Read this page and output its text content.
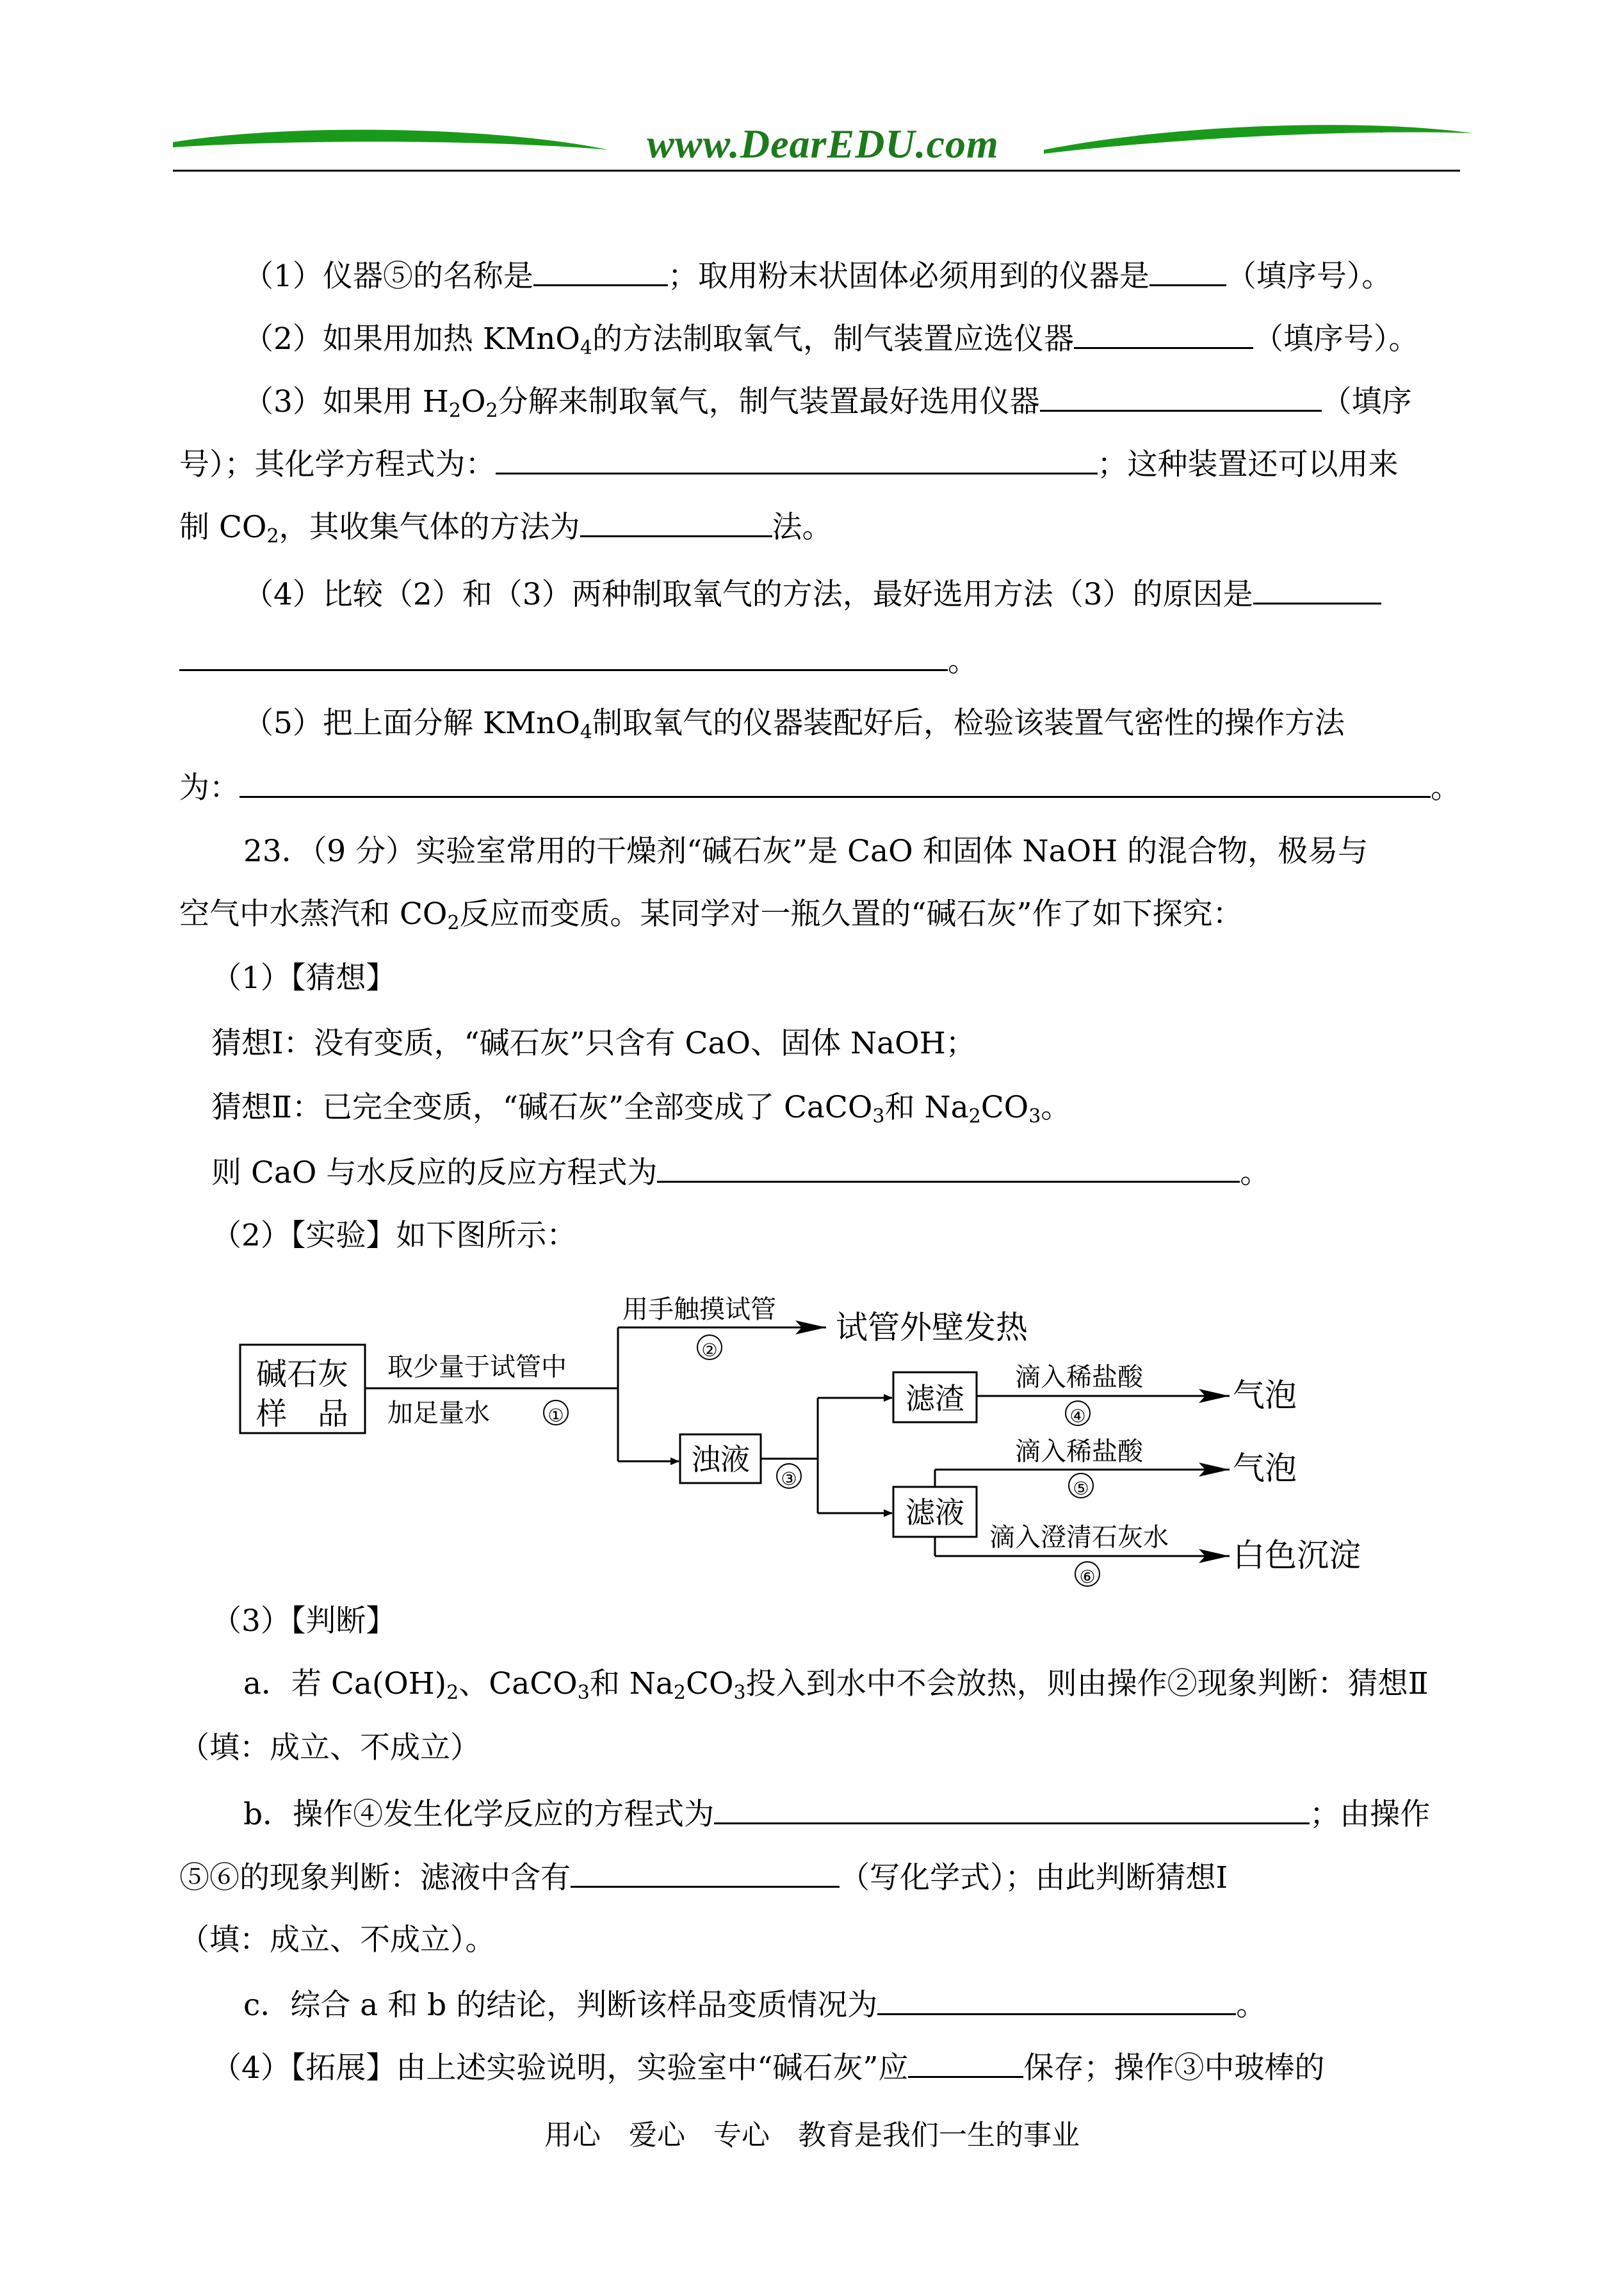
www.DearEDU.com
（1）仪器⑤的名称是	；取用粉末状固体必须用到的仪器是	（填序号）。
（2）如果用加热 KMnO$_4$的方法制取氧气，制气装置应选仪器	（填序号）。
（3）如果用 $H_2O_2$分解来制取氧气，制气装置最好选用仪器	（填序
号）；其化学方程式为：	；这种装置还可以用来
制 $CO_2$，其收集气体的方法为	法。
（4）比较（2）和（3）两种制取氧气的方法，最好选用方法（3）的原因是
。
（5）把上面分解 KMnO$_4$制取氧气的仪器装配好后，检验该装置气密性的操作方法
为：	。
23．（9 分）实验室常用的干燥剂“碱石灰”是 CaO 和固体 NaOH 的混合物，极易与
空气中水蒸汽和 $CO_2$反应而变质。某同学对一瓶久置的“碱石灰”作了如下探究：
（1）【猜想】
猜想Ⅰ：没有变质，“碱石灰”只含有 CaO、固体 NaOH；
猜想Ⅱ：已完全变质，“碱石灰”全部变成了 CaCO$_3$和 $Na_2CO_3$。
则 CaO 与水反应的反应方程式为	。
（2）【实验】如下图所示：
碱石灰
样　品
取少量于试管中
加足量水	①
用手触摸试管
②
试管外壁发热
浊液
③
滤渣
滴入稀盐酸
④
气泡
滤液
滴入稀盐酸
⑤
气泡
滴入澄清石灰水
⑥
白色沉淀
（3）【判断】
a．若 $Ca(OH)_2$、CaCO$_3$和 $Na_2CO_3$投入到水中不会放热，则由操作②现象判断：猜想Ⅱ
（填：成立、不成立）
b．操作④发生化学反应的方程式为	；由操作
⑤⑥的现象判断：滤液中含有	（写化学式）；由此判断猜想Ⅰ
（填：成立、不成立）。
c．综合 a 和 b 的结论，判断该样品变质情况为	。
（4）【拓展】由上述实验说明，实验室中“碱石灰”应	保存；操作③中玻棒的
用心　爱心　专心　教育是我们一生的事业
